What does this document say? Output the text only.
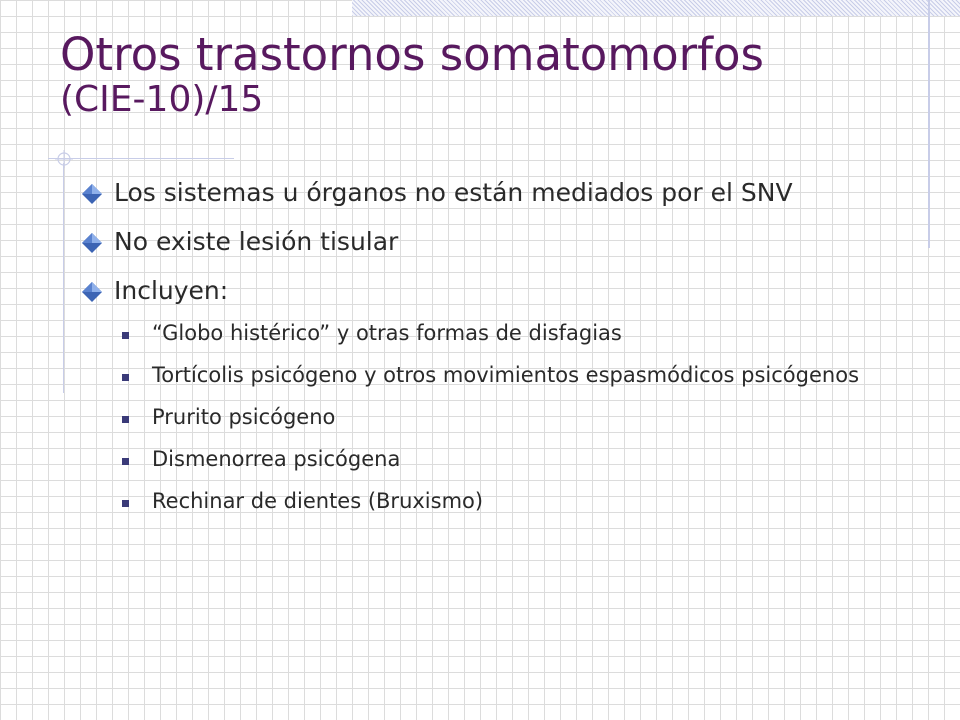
Otros trastornos somatomorfos
(CIE-10)/15
Los sistemas u órganos no están mediados por el SNV
No existe lesión tisular
Incluyen:
“Globo histérico” y otras formas de disfagias
Tortícolis psicógeno y otros movimientos espasmódicos psicógenos
Prurito psicógeno
Dismenorrea psicógena
Rechinar de dientes (Bruxismo)
